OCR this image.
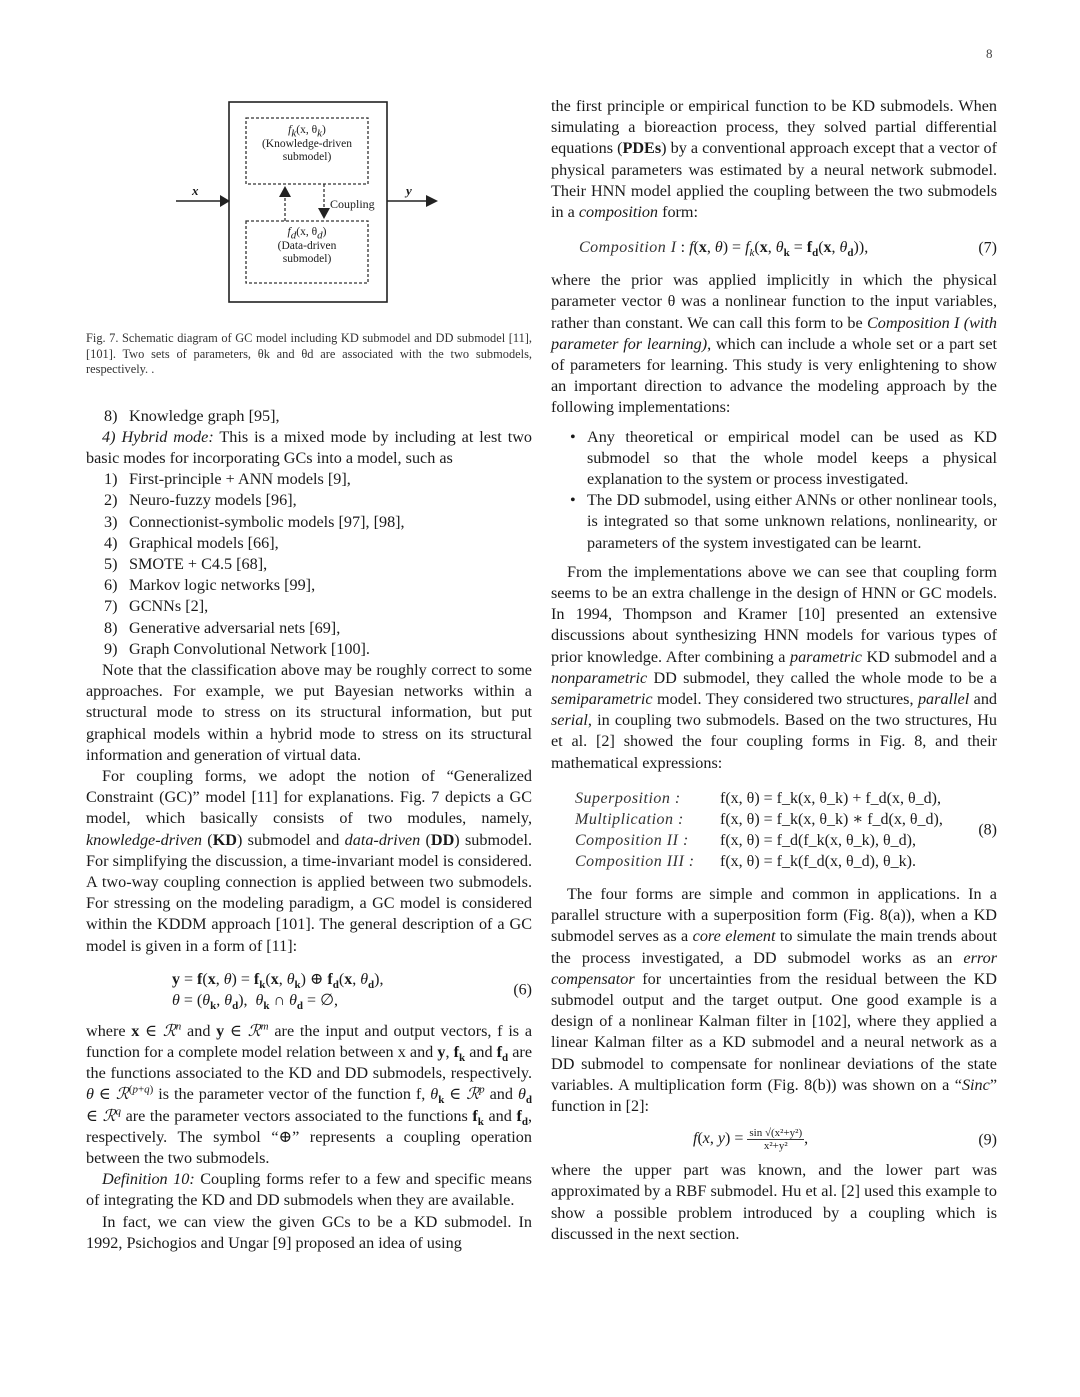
8
x	y
Coupling
$f_k(x$, $\theta_k$)
(Knowledge-driven
submodel)
$f_d(x$, $\theta_d$)
(Data-driven
submodel)

Fig. 7. Schematic diagram of GC model including KD submodel and DD submodel [11], [101]. Two sets of parameters, θk and θd are associated with the two submodels, respectively. .

8) Knowledge graph [95],

4) Hybrid mode: This is a mixed mode by including at lest two basic modes for incorporating GCs into a model, such as

1) First-principle + ANN models [9],
2) Neuro-fuzzy models [96],
3) Connectionist-symbolic models [97], [98],
4) Graphical models [66],
5) SMOTE + C4.5 [68],
6) Markov logic networks [99],
7) GCNNs [2],
8) Generative adversarial nets [69],
9) Graph Convolutional Network [100].

Note that the classification above may be roughly correct to some approaches. For example, we put Bayesian networks within a structural mode to stress on its structural information, but put graphical models within a hybrid mode to stress on its structural information and generation of virtual data.

For coupling forms, we adopt the notion of “Generalized Constraint (GC)” model [11] for explanations. Fig. 7 depicts a GC model, which basically consists of two modules, namely, knowledge-driven (KD) submodel and data-driven (DD) submodel. For simplifying the discussion, a time-invariant model is considered. A two-way coupling connection is applied between two submodels. For stressing on the modeling paradigm, a GC model is considered within the KDDM approach [101]. The general description of a GC model is given in a form of [11]:

y = f(x, $\theta) = f_k(x$, $\theta_k$) ⊕ $f_d(x$, $\theta_d$),
$\theta = (\theta_k$, $\theta_d$),  $\theta_k$ ∩ $\theta_d$ = ∅,
(6)

where x ∈ ℛ$^n$ and y ∈ ℛ$^m$ are the input and output vectors, f is a function for a complete model relation between x and y, $f_k$ and $f_d$ are the functions associated to the KD and DD submodels, respectively. θ ∈ ℛ$^{(p+q)}$ is the parameter vector of the function f, $\theta_k$ ∈ ℛ$^p$ and $\theta_d$ ∈ ℛ$^q$ are the parameter vectors associated to the functions $f_k$ and $f_d$, respectively. The symbol “⊕” represents a coupling operation between the two submodels.

Definition 10: Coupling forms refer to a few and specific means of integrating the KD and DD submodels when they are available.

In fact, we can view the given GCs to be a KD submodel. In 1992, Psichogios and Ungar [9] proposed an idea of using

the first principle or empirical function to be KD submodels. When simulating a bioreaction process, they solved partial differential equations (PDEs) by a conventional approach except that a vector of physical parameters was estimated by a neural network submodel. Their HNN model applied the coupling between the two submodels in a composition form:

Composition I : f(x, $\theta) = f_k(x$, $\theta_k = f_d(x$, $\theta_d$)),	(7)

where the prior was applied implicitly in which the physical parameter vector θ was a nonlinear function to the input variables, rather than constant. We can call this form to be Composition I (with parameter for learning), which can include a whole set or a part set of parameters for learning. This study is very enlightening to show an important direction to advance the modeling approach by the following implementations:

• Any theoretical or empirical model can be used as KD submodel so that the whole model keeps a physical explanation to the system or process investigated.
• The DD submodel, using either ANNs or other nonlinear tools, is integrated so that some unknown relations, nonlinearity, or parameters of the system investigated can be learnt.

From the implementations above we can see that coupling form seems to be an extra challenge in the design of HNN or GC models. In 1994, Thompson and Kramer [10] presented an extensive discussions about synthesizing HNN models for various types of prior knowledge. After combining a parametric KD submodel and a nonparametric DD submodel, they called the whole mode to be a semiparametric model. They considered two structures, parallel and serial, in coupling two submodels. Based on the two structures, Hu et al. [2] showed the four coupling forms in Fig. 8, and their mathematical expressions:

Superposition :	f(x, θ) = f_k(x, θ_k) + f_d(x, θ_d),
Multiplication :	f(x, θ) = f_k(x, θ_k) ∗ f_d(x, θ_d),
Composition II :	f(x, θ) = f_d(f_k(x, θ_k), θ_d),
Composition III :	f(x, θ) = f_k(f_d(x, θ_d), θ_k).
(8)

The four forms are simple and common in applications. In a parallel structure with a superposition form (Fig. 8(a)), when a KD submodel serves as a core element to simulate the main trends about the process investigated, a DD submodel works as an error compensator for uncertainties from the residual between the KD submodel output and the target output. One good example is a design of a nonlinear Kalman filter in [102], where they applied a linear Kalman filter as a KD submodel and a neural network as a DD submodel to compensate for nonlinear deviations of the state variables. A multiplication form (Fig. 8(b)) was shown on a “Sinc” function in [2]:

f(x, $y) = \frac{\text{sin √(x²+y²)}}{\text{x²+y²}}$ ,	(9)

where the upper part was known, and the lower part was approximated by a RBF submodel. Hu et al. [2] used this example to show a possible problem introduced by a coupling which is discussed in the next section.
